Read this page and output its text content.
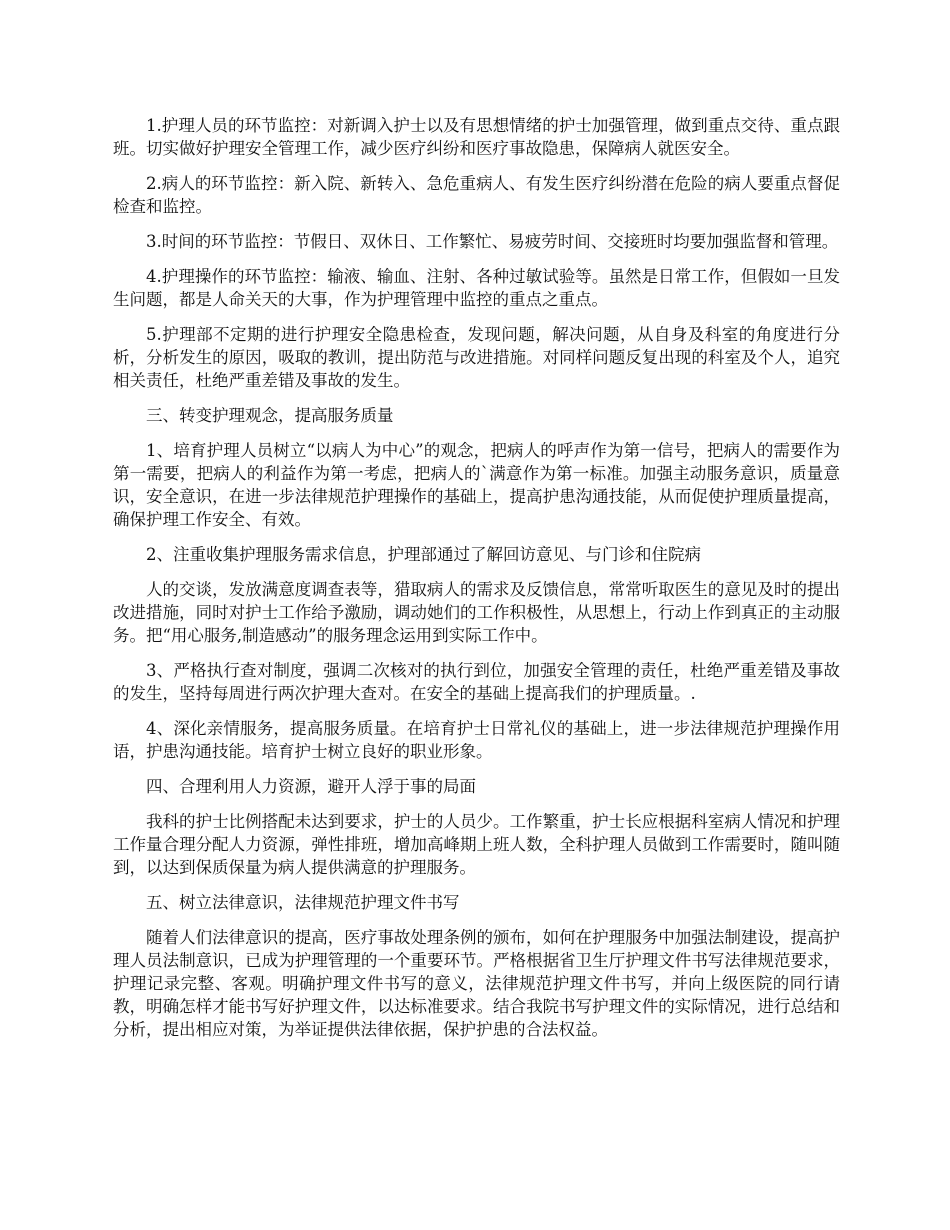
1.护理人员的环节监控：对新调入护士以及有思想情绪的护士加强管理，做到重点交待、重点跟班。切实做好护理安全管理工作，减少医疗纠纷和医疗事故隐患，保障病人就医安全。

2.病人的环节监控：新入院、新转入、急危重病人、有发生医疗纠纷潜在危险的病人要重点督促检查和监控。

3.时间的环节监控：节假日、双休日、工作繁忙、易疲劳时间、交接班时均要加强监督和管理。

4.护理操作的环节监控：输液、输血、注射、各种过敏试验等。虽然是日常工作，但假如一旦发生问题，都是人命关天的大事，作为护理管理中监控的重点之重点。

5.护理部不定期的进行护理安全隐患检查，发现问题，解决问题，从自身及科室的角度进行分析，分析发生的原因，吸取的教训，提出防范与改进措施。对同样问题反复出现的科室及个人，追究相关责任，杜绝严重差错及事故的发生。

三、转变护理观念，提高服务质量

1、培育护理人员树立“以病人为中心”的观念，把病人的呼声作为第一信号，把病人的需要作为第一需要，把病人的利益作为第一考虑，把病人的`满意作为第一标准。加强主动服务意识，质量意识，安全意识，在进一步法律规范护理操作的基础上，提高护患沟通技能，从而促使护理质量提高，确保护理工作安全、有效。

2、注重收集护理服务需求信息，护理部通过了解回访意见、与门诊和住院病

人的交谈，发放满意度调查表等，猎取病人的需求及反馈信息，常常听取医生的意见及时的提出改进措施，同时对护士工作给予激励，调动她们的工作积极性，从思想上，行动上作到真正的主动服务。把“用心服务,制造感动”的服务理念运用到实际工作中。

3、严格执行查对制度，强调二次核对的执行到位，加强安全管理的责任，杜绝严重差错及事故的发生，坚持每周进行两次护理大查对。在安全的基础上提高我们的护理质量。.

4、深化亲情服务，提高服务质量。在培育护士日常礼仪的基础上，进一步法律规范护理操作用语，护患沟通技能。培育护士树立良好的职业形象。

四、合理利用人力资源，避开人浮于事的局面

我科的护士比例搭配未达到要求，护士的人员少。工作繁重，护士长应根据科室病人情况和护理工作量合理分配人力资源，弹性排班，增加高峰期上班人数，全科护理人员做到工作需要时，随叫随到，以达到保质保量为病人提供满意的护理服务。

五、树立法律意识，法律规范护理文件书写

随着人们法律意识的提高，医疗事故处理条例的颁布，如何在护理服务中加强法制建设，提高护理人员法制意识，已成为护理管理的一个重要环节。严格根据省卫生厅护理文件书写法律规范要求，护理记录完整、客观。明确护理文件书写的意义，法律规范护理文件书写，并向上级医院的同行请教，明确怎样才能书写好护理文件，以达标准要求。结合我院书写护理文件的实际情况，进行总结和分析，提出相应对策，为举证提供法律依据，保护护患的合法权益。
